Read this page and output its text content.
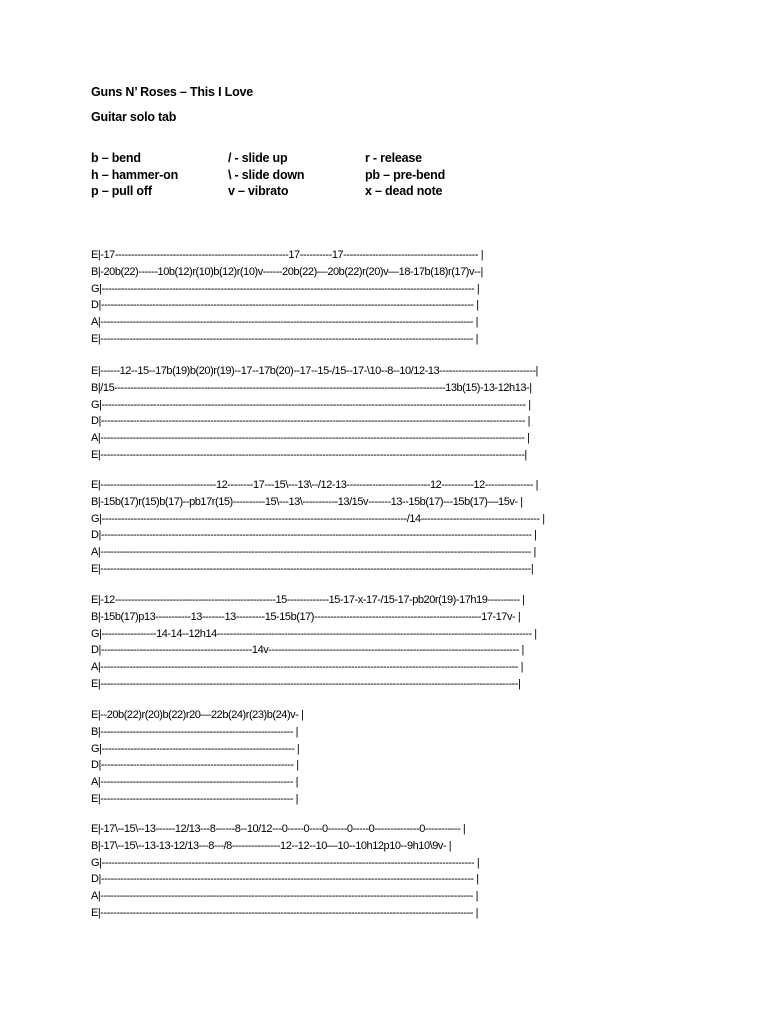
Guns N’ Roses – This I Love
Guitar solo tab
b – bend
h – hammer-on
p – pull off
/ - slide up
\ - slide down
v – vibrato
r - release
pb – pre-bend
x – dead note
E|-17------------------------------------------------------17----------17------------------------------------------ |
B|-20b(22)------10b(12)r(10)b(12)r(10)v------20b(22)—20b(22)r(20)v—18-17b(18)r(17)v--|
G|-------------------------------------------------------------------------------------------------------------------- |
D|-------------------------------------------------------------------------------------------------------------------- |
A|-------------------------------------------------------------------------------------------------------------------- |
E|-------------------------------------------------------------------------------------------------------------------- |
E|------12--15--17b(19)b(20)r(19)--17--17b(20)--17--15-/15--17-\10--8--10/12-13------------------------------|
B|/15-------------------------------------------------------------------------------------------------------13b(15)-13-12h13-|
G|------------------------------------------------------------------------------------------------------------------------------------ |
D|------------------------------------------------------------------------------------------------------------------------------------ |
A|------------------------------------------------------------------------------------------------------------------------------------ |
E|------------------------------------------------------------------------------------------------------------------------------------|
E|------------------------------------12--------17---15\---13\--/12-13--------------------------12----------12--------------- |
B|-15b(17)r(15)b(17)--pb17r(15)----------15\---13\-----------13/15v-------13--15b(17)---15b(17)—15v- |
G|-----------------------------------------------------------------------------------------------/14------------------------------------- |
D|-------------------------------------------------------------------------------------------------------------------------------------- |
A|-------------------------------------------------------------------------------------------------------------------------------------- |
E|--------------------------------------------------------------------------------------------------------------------------------------|
E|-12--------------------------------------------------15-------------15-17-x-17-/15-17-pb20r(19)-17h19---------- |
B|-15b(17)p13-----------13-------13---------15-15b(17)----------------------------------------------------17-17v- |
G|-----------------14-14--12h14-------------------------------------------------------------------------------------------------- |
D|-----------------------------------------------14v------------------------------------------------------------------------------ |
A|---------------------------------------------------------------------------------------------------------------------------------- |
E|----------------------------------------------------------------------------------------------------------------------------------|
E|--20b(22)r(20)b(22)r20—22b(24)r(23)b(24)v- |
B|------------------------------------------------------------ |
G|------------------------------------------------------------ |
D|------------------------------------------------------------ |
A|------------------------------------------------------------ |
E|------------------------------------------------------------ |
E|-17\--15\--13------12/13---8------8--10/12---0-----0----0------0-----0--------------0----------- |
B|-17\--15\--13-13-12/13---8---/8---------------12--12--10—10--10h12p10--9h10\9v- |
G|-------------------------------------------------------------------------------------------------------------------- |
D|-------------------------------------------------------------------------------------------------------------------- |
A|-------------------------------------------------------------------------------------------------------------------- |
E|-------------------------------------------------------------------------------------------------------------------- |
